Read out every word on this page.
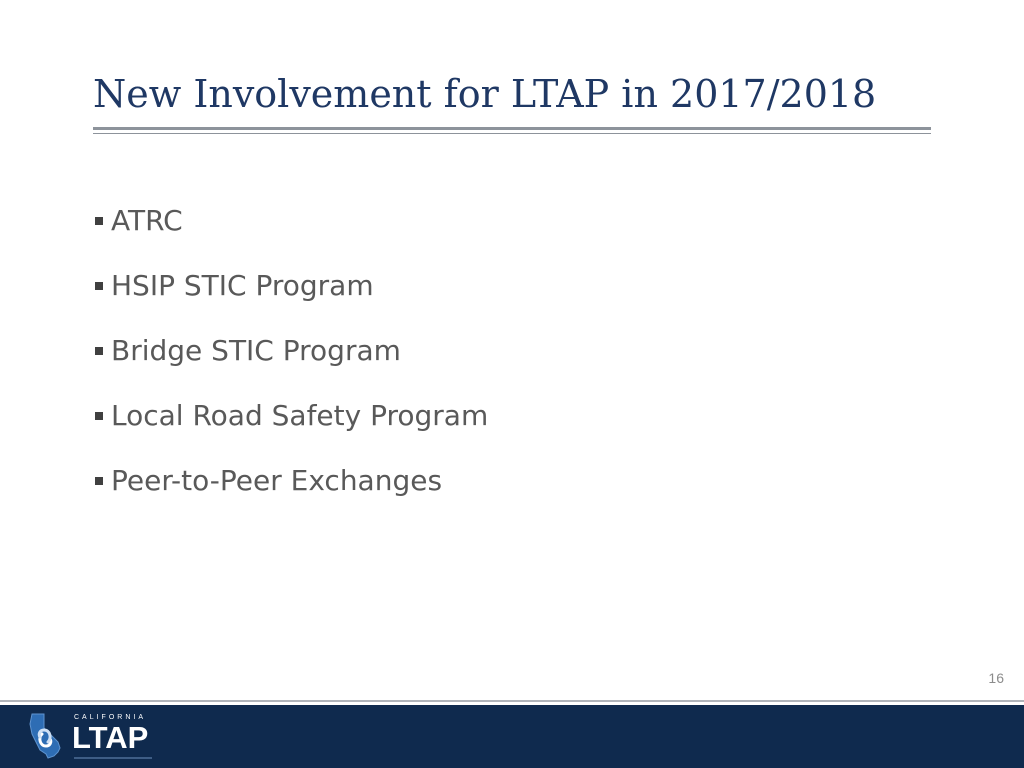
New Involvement for LTAP in 2017/2018
ATRC
HSIP STIC Program
Bridge STIC Program
Local Road Safety Program
Peer-to-Peer Exchanges
16
CALIFORNIA
LTAP
